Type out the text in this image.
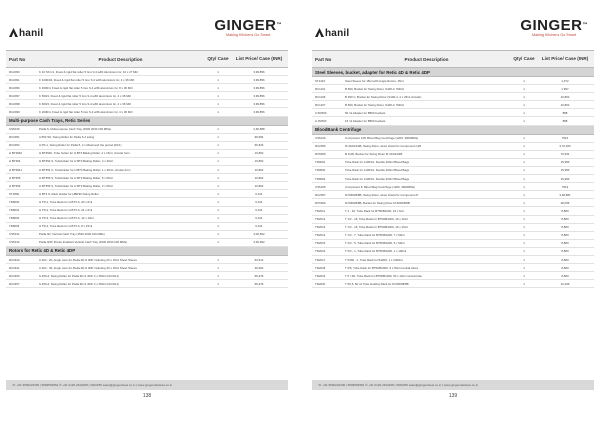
hanil	GINGER™
Making Kitchens Go Smart
Part No	Product Description	Qty/ Case	List Price/ Case (INR)
RC2090	K 10 SS C1, Fixed & rigid flat roller 5 Gro S.4 w/Ri Aluminium Gr, 10 x 27 Mtrl	1	3,99,856
RC2091	K 1000/04, Fixed & rigid flat roller 5 Gro S.4 w/Ri aluminium Gr, 4 x 36 Mtrl	1	3,99,856
RC2096	K 3000/4, Fixed & rigid flat roller 5 Gro S.4 w/Ri aluminium Gr, 8 x 36 Mtrl	1	3,99,856
RC2097	K 500/4, Fixed & rigid flat roller 5 Gro S.4 w/Ri aluminium Gr, 4 x 36 Mtrl	1	3,99,856
RC2098	K 600/4, Fixed & rigid flat roller 5 Gro S.4 w/Ri aluminium Gr, 4 x 36 Mtrl	1	3,99,856
RC2099	K 2000/4, Fixed & rigid flat roller 5 Gro S.4 w/Ri aluminium Gr, 4 x 36 Mtrl	1	3,99,856
Multi-purpose Cash Trays, Retic Series
CS5130	Piella S, Multi-purpose Cash Tray (1530 2030 100 MMs)	1	2,66,588
RC2351	A 500 SS, Swing Roller for Piella S 4 swing	1	99,994
RC2352	A PS-1, Swing Roller for Piella 5, 4 x Metal and the period (RC1)	1	66,843
H BT3540	H BT3540, Tube holder for H BT3 Baking Roller, 4 x 15ml, circular form	1	10,862
H BT354	H BT354 S, Tubeholder for H BT3 Baking Roller, 4 x 30ml	1	10,862
H BT3541	H BT354 C, Tubeholder for H BT3 Baking Roller, 1 x 30ml, circular form	1	10,862
H BT355	H BT355 S, Tubeholder for H BT3 Baking Roller, 5 x 50ml	1	10,862
H BT356	H BT356 S, Tubeholder for H BT3 Baking Roller, 2 x 50ml	1	10,862
ST1800	H BT3 S, Rack Holder for HBR30 Swing Roller	1	6,101
TR6000	H TR-1, Tube Rack for H BT3 S, 20 x 6ml	1	6,101
TR6001	H TR-2, Tube Rack for H BT3 S, 24 x 6ml	1	6,101
TR6002	H TR-3, Tube Rack for H BT3 S, 12 x 10ml	1	6,101
TR6003	H TR-4, Tube Rack for H BT3 S, 8 x 15ml	1	6,101
CS5131	Piella 4D, Vertical Cash Tray (1530 2030 100 MMs)	1	3,06,562
CS5132	Piella 4DP, Printer Enabled Vertical Cash Tray (1530 2030 100 MMs)	1	3,36,992
Rotors for Retic 4D & Retic 4DP
RC2420	A 420 - 20, Angle rotor for Piella 4D & 4DP including 20 x 15ml Sheet Sleeve	1	53,512
RC2421	A 420 - 30, Angle rotor for Piella 4D & 4DP including 30 x 15ml Sheet Sleeve	1	46,992
RC2450	S 450-4, Swing Roller for Piella 4D & 4DP, 4 x 450ml (S4 6H4)	1	59,976
RC2457	S 450-4, Swing Roller for Piella 4D & 4DP, 4 x 450ml (S4 6H4)	1	59,976
☏ +91 9650222300 | 9599593952 ✆ +91 0120-2619208 | 2620256 sales@gingersiteel.co.in | www.gingerstainless.co.in
138
hanil	GINGER™
Making Kitchens Go Smart
Part No	Product Description	Qty/ Case	List Price/ Case (INR)
Steel Sleeves, bucket, adapter for Retic 4D & Retic 4DP
ST1410	Steel Sleeve for 15ml with Angle Rotors, 15ml	1	1,372
RC1101	B 500, Bucket for Swing Rotor, S400-4, 500ml	1	1,997
RC1106	B 250 C, Bucket for Swing Rotor (S100-4, 4 x 25ml circular)	1	10,862
RC1107	B 500, Bucket for Swing Rotor, S400-4, 500ml	1	10,862
A 50/500	50 ml Adapter for B500 buckets	1	888
A 15/500	15 ml Adapter for B500 buckets	1	888
BloodBank Centrifuge
CS5140	Component 128, Blood Bag Centrifuge (1200, 3600MMs)	1	7516
RC2356	M 3100/4/4B, Swing Rotor, w/out shield for Component 128	1	3,70,183
RC5309	B 1100, Bucket for Swing Rotor M 3100/4/4B	1	70,931
TR0001	Tube Rack for 1100/01, Double 200ml Blood Bags	1	15,993
TR0002	Tube Rack for 1100/01, Double 200ml Blood Bags	1	15,993
TR0003	Tube Rack for 1100/01, Double 200ml Blood Bags	1	15,993
CS5165	Component 8, Blood Bag Centrifuge (1200, 3600MMs)	1	7519
RC2357	M 6000/8/8B, Swing Rotor, w/out shield for Component 8	1	3,38,881
RC5306	M 6000/8/8B, Bucket for Swing Rotor M 6000/8/8B	1	28,056
TR2011	T 1 - 16, Tube Rack for B750/B1000, 16 x 5ml	1	8,883
TR2012	T 1/2 - 16, Tube Rack for B750/B1000, 16 x 10ml	1	8,883
TR2013	T 1/3 - 16, Tube Rack for B750/B1000, 16 x 15ml	1	8,883
TR2014	T 1/3 - 7, Tube Rack for B750/B1000, 7 x 50ml	1	8,883
TR2015	T 2/3 - 5, Tube Rack for B750/B1000, 5 x 50ml	1	8,883
TR2016	T 5/4 - 1, Tube Rack for B750/B1000, 1 x 100ml	1	8,883
TR2017	T 5400 - 1, Tube Rack for B1000, 1 x 1000ml	1	8,883
TR2018	T 5/5, Tube Rack for B750/B1000, 5 x 50ml conical tubes	1	8,883
TR2019	T 5 / 4D, Tube Rack for B750/B1000, 50 x 10ml conical tube	1	8,883
TR2020	T 50-5, 50 ml Tube Holding Rack for M 6000/8/8B	1	12,209
☏ +91 9650222300 | 9599593952 ✆ +91 0120-2619208 | 2620256 sales@gingersiteel.co.in | www.gingerstainless.co.in
139
